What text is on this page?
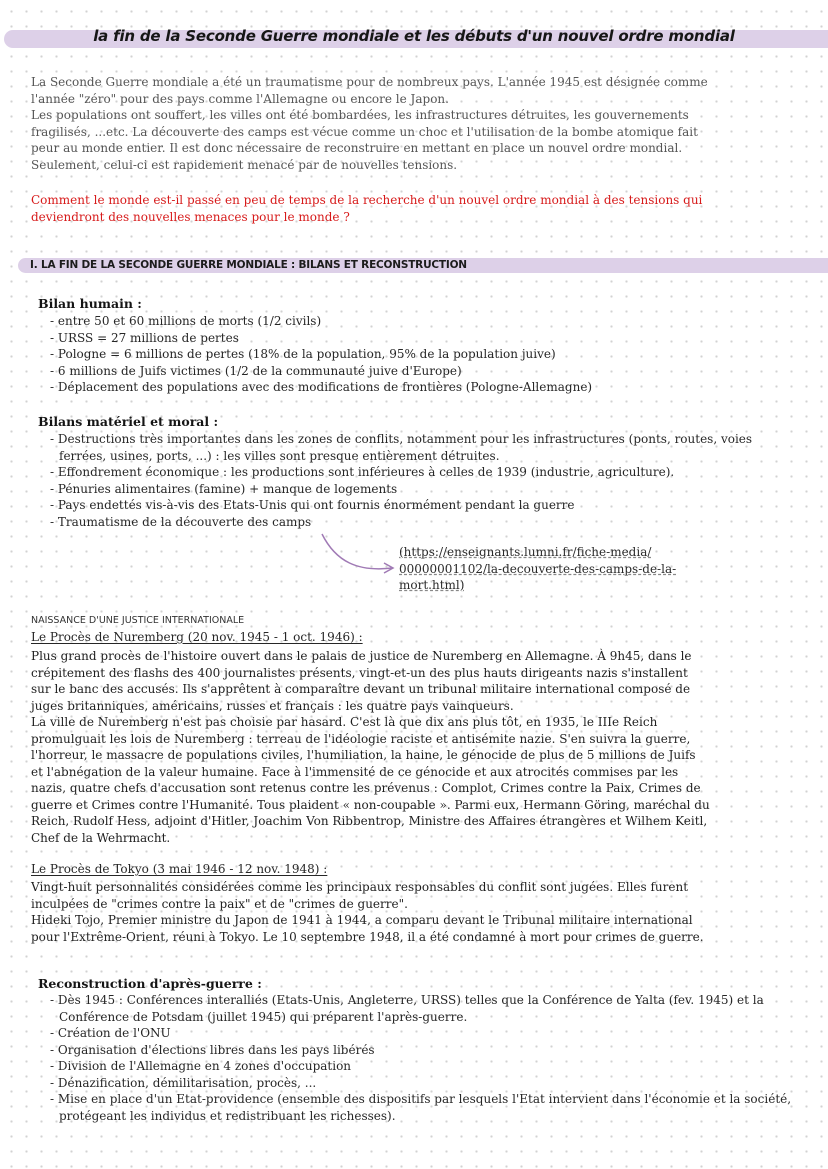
la fin de la Seconde Guerre mondiale et les débuts d'un nouvel ordre mondial
La Seconde Guerre mondiale a été un traumatisme pour de nombreux pays. L'année 1945 est désignée comme
l'année "zéro" pour des pays comme l'Allemagne ou encore le Japon.
Les populations ont souffert, les villes ont été bombardées, les infrastructures détruites, les gouvernements
fragilisés, ...etc. La découverte des camps est vécue comme un choc et l'utilisation de la bombe atomique fait
peur au monde entier. Il est donc nécessaire de reconstruire en mettant en place un nouvel ordre mondial.
Seulement, celui-ci est rapidement menacé par de nouvelles tensions.
Comment le monde est-il passé en peu de temps de la recherche d'un nouvel ordre mondial à des tensions qui
deviendront des nouvelles menaces pour le monde ?
I. LA FIN DE LA SECONDE GUERRE MONDIALE : BILANS ET RECONSTRUCTION
Bilan humain :
- entre 50 et 60 millions de morts (1/2 civils)
- URSS = 27 millions de pertes
- Pologne = 6 millions de pertes (18% de la population, 95% de la population juive)
- 6 millions de Juifs victimes (1/2 de la communauté juive d'Europe)
- Déplacement des populations avec des modifications de frontières (Pologne-Allemagne)
Bilans matériel et moral :
- Destructions très importantes dans les zones de conflits, notamment pour les infrastructures (ponts, routes, voies ferrées, usines, ports, ...) : les villes sont presque entièrement détruites.
- Effondrement économique : les productions sont inférieures à celles de 1939 (industrie, agriculture).
- Pénuries alimentaires (famine) + manque de logements
- Pays endettés vis-à-vis des Etats-Unis qui ont fournis énormément pendant la guerre
- Traumatisme de la découverte des camps
(https://enseignants.lumni.fr/fiche-media/
00000001102/la-decouverte-des-camps-de-la-
mort.html)
NAISSANCE D'UNE JUSTICE INTERNATIONALE
Le Procès de Nuremberg (20 nov. 1945 - 1 oct. 1946) :
Plus grand procès de l'histoire ouvert dans le palais de justice de Nuremberg en Allemagne. À 9h45, dans le
crépitement des flashs des 400 journalistes présents, vingt-et-un des plus hauts dirigeants nazis s'installent
sur le banc des accusés. Ils s'apprêtent à comparaître devant un tribunal militaire international composé de
juges britanniques, américains, russes et français : les quatre pays vainqueurs.
La ville de Nuremberg n'est pas choisie par hasard. C'est là que dix ans plus tôt, en 1935, le IIIe Reich
promulguait les lois de Nuremberg : terreau de l'idéologie raciste et antisémite nazie. S'en suivra la guerre,
l'horreur, le massacre de populations civiles, l'humiliation, la haine, le génocide de plus de 5 millions de Juifs
et l'abnégation de la valeur humaine. Face à l'immensité de ce génocide et aux atrocités commises par les
nazis, quatre chefs d'accusation sont retenus contre les prévenus : Complot, Crimes contre la Paix, Crimes de
guerre et Crimes contre l'Humanité. Tous plaident « non-coupable ». Parmi eux, Hermann Göring, maréchal du
Reich, Rudolf Hess, adjoint d'Hitler, Joachim Von Ribbentrop, Ministre des Affaires étrangères et Wilhem Keitl,
Chef de la Wehrmacht.
Le Procès de Tokyo (3 mai 1946 - 12 nov. 1948) :
Vingt-huit personnalités considérées comme les principaux responsables du conflit sont jugées. Elles furent
inculpées de "crimes contre la paix" et de "crimes de guerre".
Hideki Tojo, Premier ministre du Japon de 1941 à 1944, a comparu devant le Tribunal militaire international
pour l'Extrême-Orient, réuni à Tokyo. Le 10 septembre 1948, il a été condamné à mort pour crimes de guerre.
Reconstruction d'après-guerre :
- Dès 1945 : Conférences interalliés (Etats-Unis, Angleterre, URSS) telles que la Conférence de Yalta (fev. 1945) et la Conférence de Potsdam (juillet 1945) qui préparent l'après-guerre.
- Création de l'ONU
- Organisation d'élections libres dans les pays libérés
- Division de l'Allemagne en 4 zones d'occupation
- Dénazification, démilitarisation, procès, ...
- Mise en place d'un Etat-providence (ensemble des dispositifs par lesquels l'Etat intervient dans l'économie et la société, protégeant les individus et redistribuant les richesses).
